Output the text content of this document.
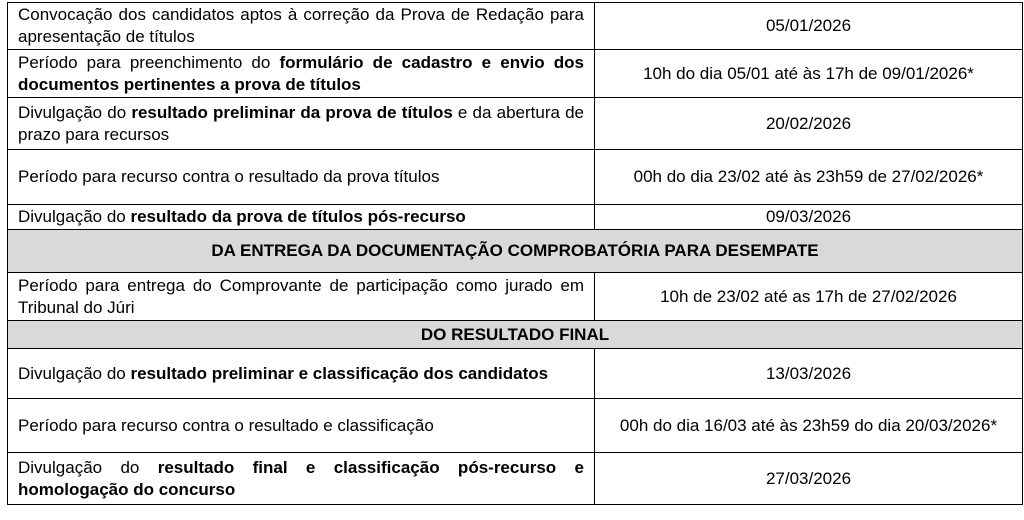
Convocação dos candidatos aptos à correção da Prova de Redação para apresentação de títulos	05/01/2026
Período para preenchimento do formulário de cadastro e envio dos documentos pertinentes a prova de títulos	10h do dia 05/01 até às 17h de 09/01/2026*
Divulgação do resultado preliminar da prova de títulos e da abertura de prazo para recursos	20/02/2026
Período para recurso contra o resultado da prova títulos	00h do dia 23/02 até às 23h59 de 27/02/2026*
Divulgação do resultado da prova de títulos pós-recurso	09/03/2026
DA ENTREGA DA DOCUMENTAÇÃO COMPROBATÓRIA PARA DESEMPATE	
Período para entrega do Comprovante de participação como jurado em Tribunal do Júri	10h de 23/02 até as 17h de 27/02/2026
DO RESULTADO FINAL	
Divulgação do resultado preliminar e classificação dos candidatos	13/03/2026
Período para recurso contra o resultado e classificação	00h do dia 16/03 até às 23h59 do dia 20/03/2026*
Divulgação do resultado final e classificação pós-recurso e homologação do concurso	27/03/2026
